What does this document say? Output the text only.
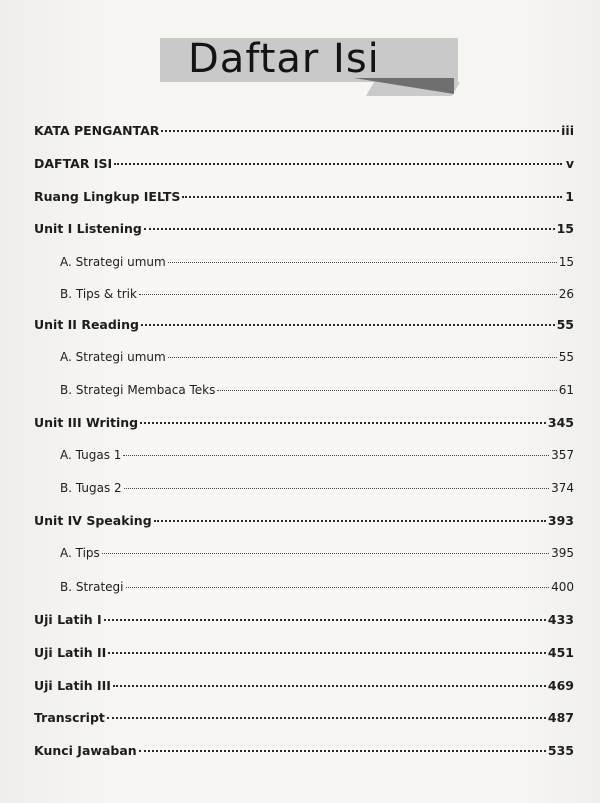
Daftar Isi
KATA PENGANTAR	iii
DAFTAR ISI	v
Ruang Lingkup IELTS	1
Unit I Listening	15
A. Strategi umum	15
B. Tips & trik	26
Unit II Reading	55
A. Strategi umum	55
B. Strategi Membaca Teks	61
Unit III Writing	345
A. Tugas 1	357
B. Tugas 2	374
Unit IV Speaking	393
A. Tips	395
B. Strategi	400
Uji Latih I	433
Uji Latih II	451
Uji Latih III	469
Transcript	487
Kunci Jawaban	535
